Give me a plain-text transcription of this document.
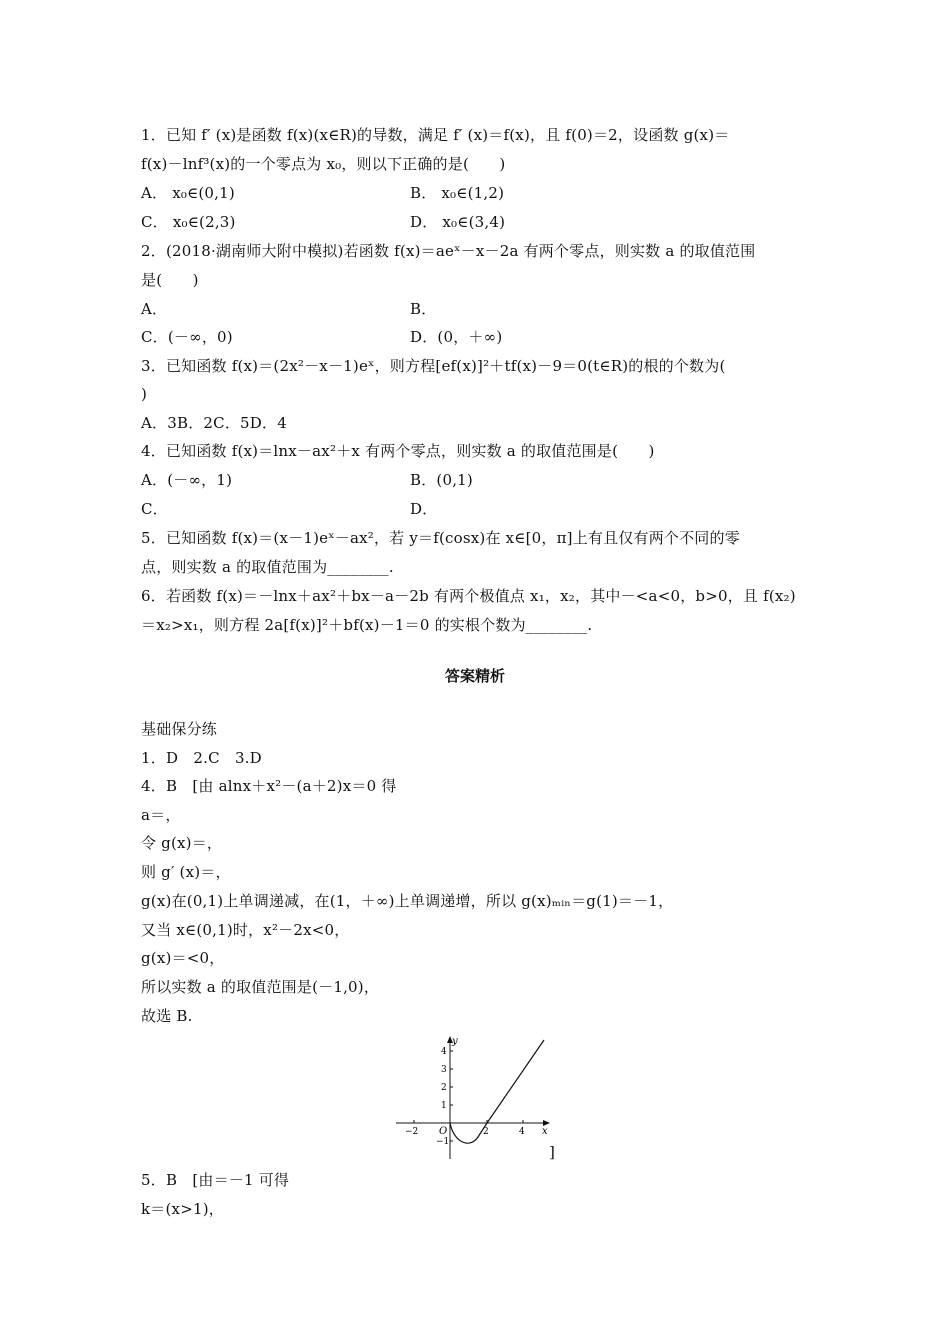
1．已知 f′ (x)是函数 f(x)(x∈R)的导数，满足 f′ (x)＝f(x)，且 f(0)＝2，设函数 g(x)＝
f(x)－lnf³(x)的一个零点为 x₀，则以下正确的是(　　)
A． x₀∈(0,1)	B． x₀∈(1,2)
C． x₀∈(2,3)	D． x₀∈(3,4)
2．(2018·湖南师大附中模拟)若函数 f(x)＝aeˣ－x－2a 有两个零点，则实数 a 的取值范围
是(　　)
A．	B．
C．(－∞，0)	D．(0，＋∞)
3．已知函数 f(x)＝(2x²－x－1)eˣ，则方程[ef(x)]²＋tf(x)－9＝0(t∈R)的根的个数为(
)
A．3B．2C．5D．4
4．已知函数 f(x)＝lnx－ax²＋x 有两个零点，则实数 a 的取值范围是(　　)
A．(－∞，1)	B．(0,1)
C．	D．
5．已知函数 f(x)＝(x－1)eˣ－ax²，若 y＝f(cosx)在 x∈[0，π]上有且仅有两个不同的零
点，则实数 a 的取值范围为________.
6．若函数 f(x)＝－lnx＋ax²＋bx－a－2b 有两个极值点 x₁，x₂，其中－<a<0，b>0，且 f(x₂)
＝x₂>x₁，则方程 2a[f(x)]²＋bf(x)－1＝0 的实根个数为________.
答案精析
基础保分练
1．D　2.C　3.D
4．B　[由 alnx＋x²－(a＋2)x＝0 得
a＝，
令 g(x)＝，
则 g′ (x)＝，
g(x)在(0,1)上单调递减，在(1，＋∞)上单调递增，所以 g(x)ₘᵢₙ＝g(1)＝－1，
又当 x∈(0,1)时，x²－2x<0，
g(x)＝<0，
所以实数 a 的取值范围是(－1,0)，
故选 B.
y
x
O
−2	2	4
4
3
2
1
−1
]
5．B　[由＝－1 可得
k＝(x>1)，
